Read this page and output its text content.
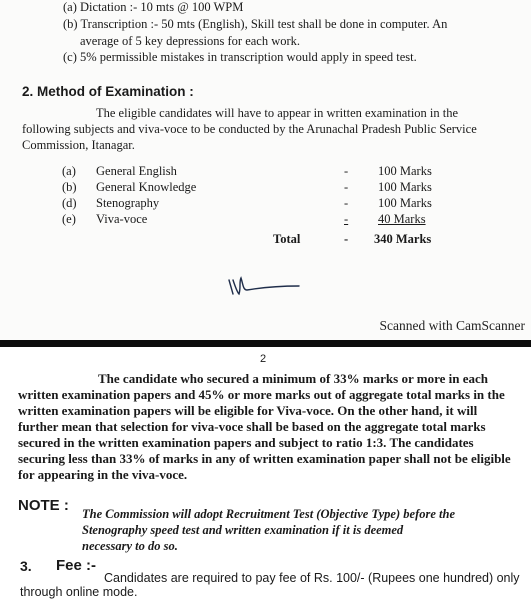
(a) Dictation :- 10 mts @ 100 WPM
(b) Transcription :- 50 mts (English), Skill test shall be done in computer. An
average of 5 key depressions for each work.
(c) 5% permissible mistakes in transcription would apply in speed test.
2. Method of Examination :
The eligible candidates will have to appear in written examination in the
following subjects and viva-voce to be conducted by the Arunachal Pradesh Public Service
Commission, Itanagar.
(a) General English	- 100 Marks
(b) General Knowledge	- 100 Marks
(d) Stenography	- 100 Marks
(e) Viva-voce	- 40 Marks
Total	- 340 Marks
Scanned with CamScanner
2
The candidate who secured a minimum of 33% marks or more in each
written examination papers and 45% or more marks out of aggregate total marks in the
written examination papers will be eligible for Viva-voce. On the other hand, it will
further mean that selection for viva-voce shall be based on the aggregate total marks
secured in the written examination papers and subject to ratio 1:3. The candidates
securing less than 33% of marks in any of written examination paper shall not be eligible
for appearing in the viva-voce.
NOTE : The Commission will adopt Recruitment Test (Objective Type) before the
Stenography speed test and written examination if it is deemed
necessary to do so.
3. Fee :-
Candidates are required to pay fee of Rs. 100/- (Rupees one hundred) only
through online mode.
